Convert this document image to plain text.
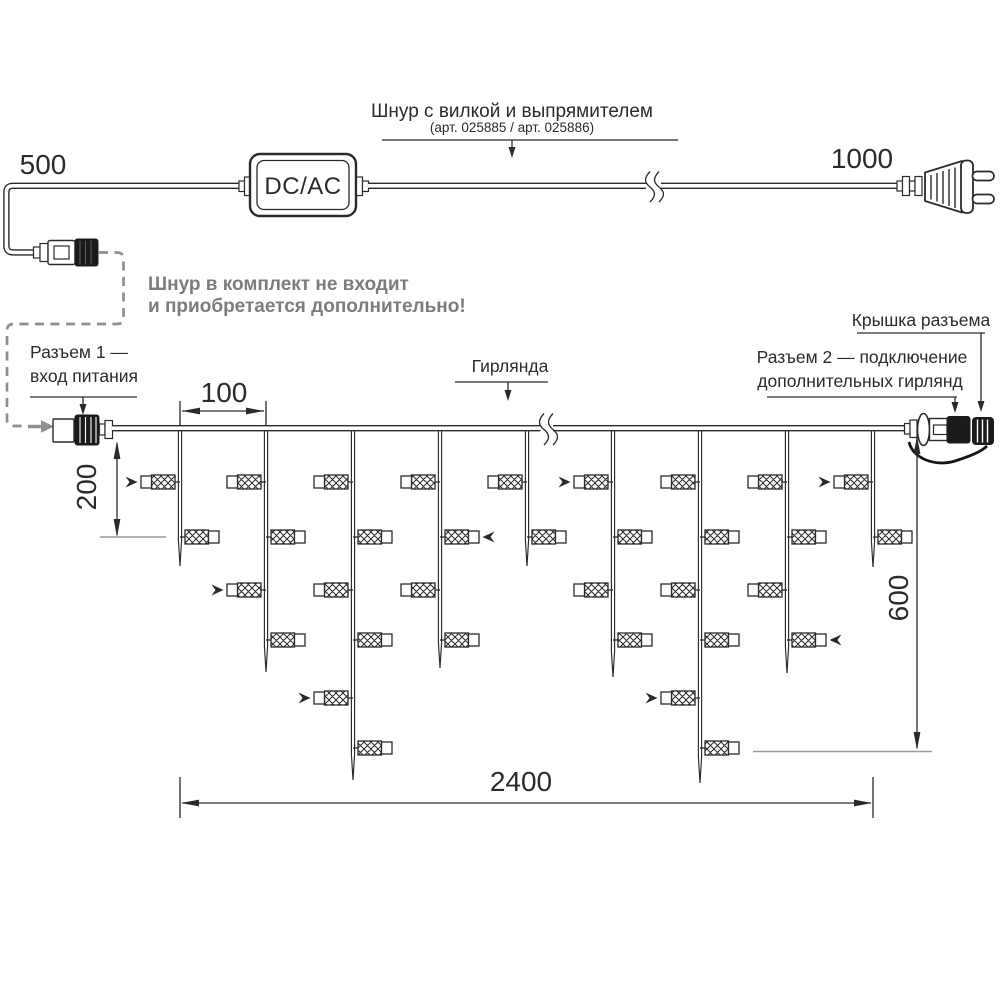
DC/AC
500	1000
Шнур с вилкой и выпрямителем
(арт. 025885 / арт. 025886)
Шнур в комплект не входит
и приобретается дополнительно!
Разъем 1 —
вход питания	Гирлянда
Крышка разъема
Разъем 2 — подключение
дополнительных гирлянд
100
200
600
2400
